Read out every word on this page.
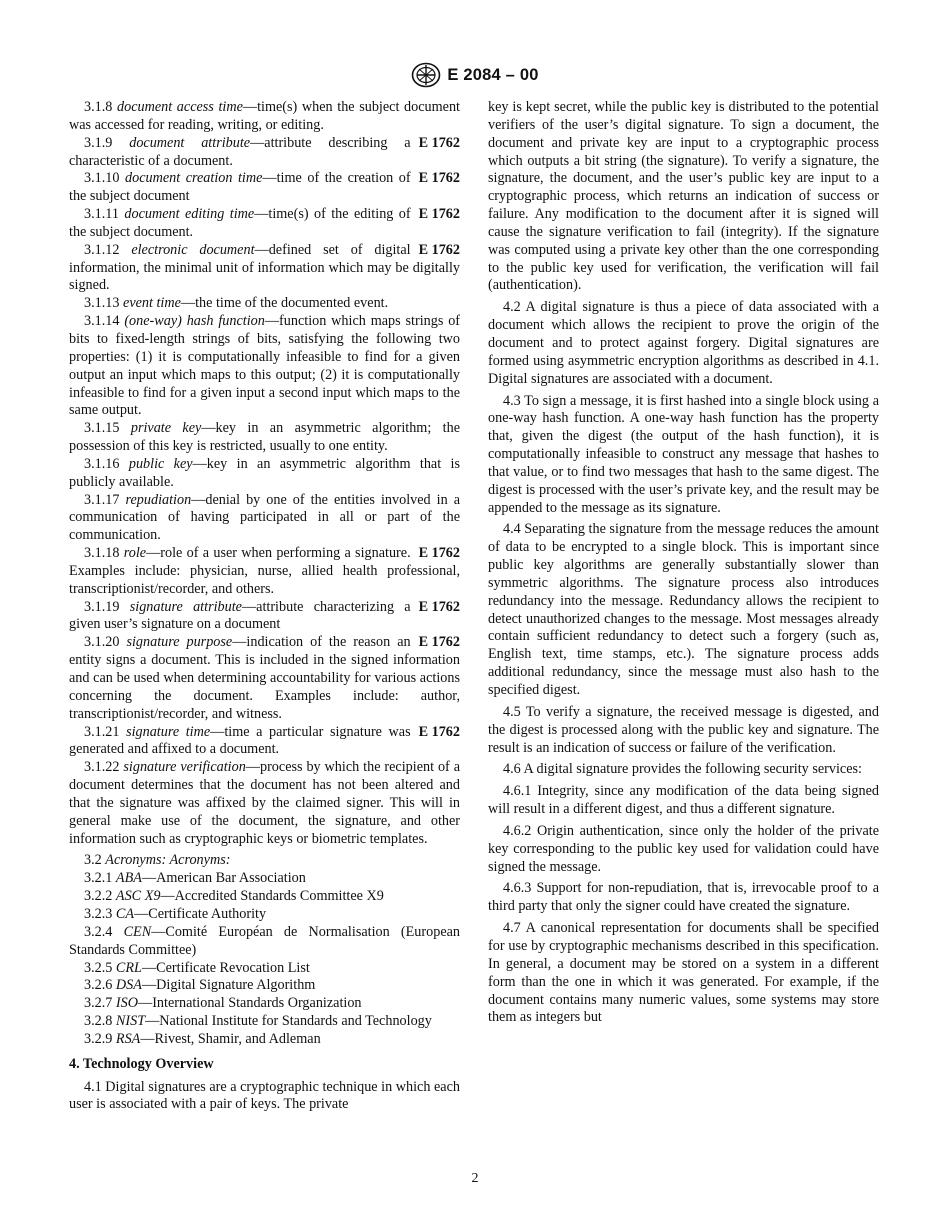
E 2084 – 00

3.1.8 document access time—time(s) when the subject document was accessed for reading, writing, or editing.

E 1762
3.1.9 document attribute—attribute describing a characteristic of a document.

E 1762
3.1.10 document creation time—time of the creation of the subject document

E 1762
3.1.11 document editing time—time(s) of the editing of the subject document.

E 1762
3.1.12 electronic document—defined set of digital information, the minimal unit of information which may be digitally signed.

3.1.13 event time—the time of the documented event.

3.1.14 (one-way) hash function—function which maps strings of bits to fixed-length strings of bits, satisfying the following two properties: (1) it is computationally infeasible to find for a given output an input which maps to this output; (2) it is computationally infeasible to find for a given input a second input which maps to the same output.

3.1.15 private key—key in an asymmetric algorithm; the possession of this key is restricted, usually to one entity.

3.1.16 public key—key in an asymmetric algorithm that is publicly available.

3.1.17 repudiation—denial by one of the entities involved in a communication of having participated in all or part of the communication.

E 1762
3.1.18 role—role of a user when performing a signature. Examples include: physician, nurse, allied health professional, transcriptionist/recorder, and others.

E 1762
3.1.19 signature attribute—attribute characterizing a given user’s signature on a document

E 1762
3.1.20 signature purpose—indication of the reason an entity signs a document. This is included in the signed information and can be used when determining accountability for various actions concerning the document. Examples include: author, transcriptionist/recorder, and witness.

E 1762
3.1.21 signature time—time a particular signature was generated and affixed to a document.

3.1.22 signature verification—process by which the recipient of a document determines that the document has not been altered and that the signature was affixed by the claimed signer. This will in general make use of the document, the signature, and other information such as cryptographic keys or biometric templates.

3.2 Acronyms: Acronyms:

3.2.1 ABA—American Bar Association

3.2.2 ASC X9—Accredited Standards Committee X9

3.2.3 CA—Certificate Authority

3.2.4 CEN—Comité Européan de Normalisation (European Standards Committee)

3.2.5 CRL—Certificate Revocation List

3.2.6 DSA—Digital Signature Algorithm

3.2.7 ISO—International Standards Organization

3.2.8 NIST—National Institute for Standards and Technology

3.2.9 RSA—Rivest, Shamir, and Adleman

4. Technology Overview

4.1 Digital signatures are a cryptographic technique in which each user is associated with a pair of keys. The private

key is kept secret, while the public key is distributed to the potential verifiers of the user’s digital signature. To sign a document, the document and private key are input to a cryptographic process which outputs a bit string (the signature). To verify a signature, the signature, the document, and the user’s public key are input to a cryptographic process, which returns an indication of success or failure. Any modification to the document after it is signed will cause the signature verification to fail (integrity). If the signature was computed using a private key other than the one corresponding to the public key used for verification, the verification will fail (authentication).

4.2 A digital signature is thus a piece of data associated with a document which allows the recipient to prove the origin of the document and to protect against forgery. Digital signatures are formed using asymmetric encryption algorithms as described in 4.1. Digital signatures are associated with a document.

4.3 To sign a message, it is first hashed into a single block using a one-way hash function. A one-way hash function has the property that, given the digest (the output of the hash function), it is computationally infeasible to construct any message that hashes to that value, or to find two messages that hash to the same digest. The digest is processed with the user’s private key, and the result may be appended to the message as its signature.

4.4 Separating the signature from the message reduces the amount of data to be encrypted to a single block. This is important since public key algorithms are generally substantially slower than symmetric algorithms. The signature process also introduces redundancy into the message. Redundancy allows the recipient to detect unauthorized changes to the message. Most messages already contain sufficient redundancy to detect such a forgery (such as, English text, time stamps, etc.). The signature process adds additional redundancy, since the message must also hash to the specified digest.

4.5 To verify a signature, the received message is digested, and the digest is processed along with the public key and signature. The result is an indication of success or failure of the verification.

4.6 A digital signature provides the following security services:

4.6.1 Integrity, since any modification of the data being signed will result in a different digest, and thus a different signature.

4.6.2 Origin authentication, since only the holder of the private key corresponding to the public key used for validation could have signed the message.

4.6.3 Support for non-repudiation, that is, irrevocable proof to a third party that only the signer could have created the signature.

4.7 A canonical representation for documents shall be specified for use by cryptographic mechanisms described in this specification. In general, a document may be stored on a system in a different form than the one in which it was generated. For example, if the document contains many numeric values, some systems may store them as integers but

2
